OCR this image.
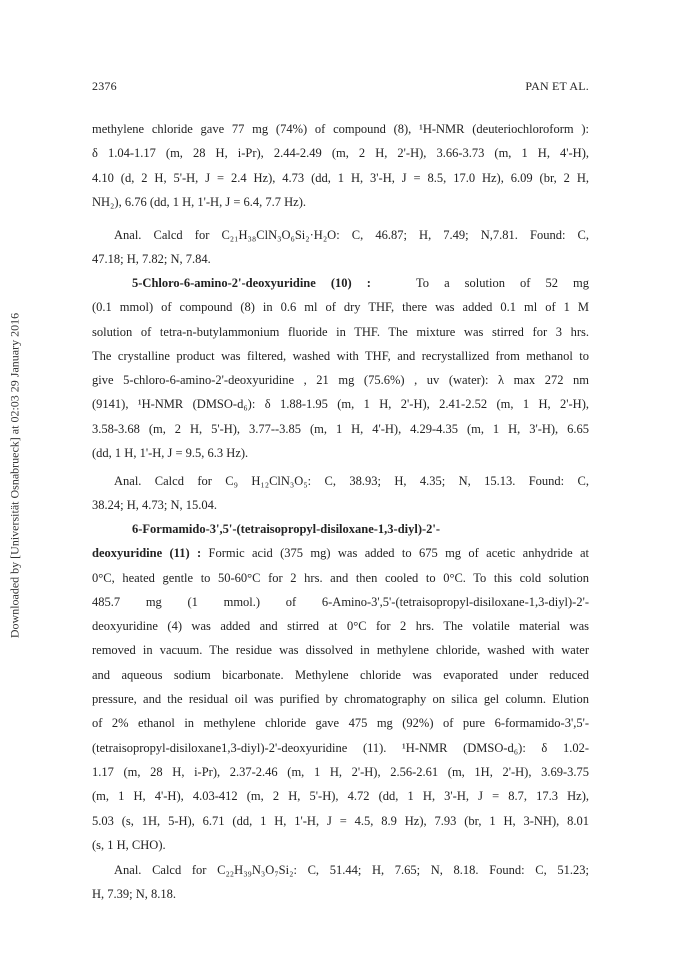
2376	PAN ET AL.
Downloaded by [Universität Osnabrueck] at 02:03 29 January 2016
methylene chloride gave 77 mg (74%) of compound (8), ¹H-NMR (deuteriochloroform ):
δ 1.04-1.17 (m, 28 H, i-Pr), 2.44-2.49 (m, 2 H, 2'-H), 3.66-3.73 (m, 1 H, 4'-H),
4.10 (d, 2 H, 5'-H, J = 2.4 Hz), 4.73 (dd, 1 H, 3'-H, J = 8.5, 17.0 Hz), 6.09 (br, 2 H,
NH₂), 6.76 (dd, 1 H, 1'-H, J = 6.4, 7.7 Hz).
Anal. Calcd for C₂₁H₃₈ClN₃O₆Si₂·H₂O: C, 46.87; H, 7.49; N,7.81. Found: C,
47.18; H, 7.82; N, 7.84.
5-Chloro-6-amino-2'-deoxyuridine (10) :	To a solution of 52 mg
(0.1 mmol) of compound (8) in 0.6 ml of dry THF, there was added 0.1 ml of 1 M
solution of tetra-n-butylammonium fluoride in THF. The mixture was stirred for 3 hrs.
The crystalline product was filtered, washed with THF, and recrystallized from methanol to
give 5-chloro-6-amino-2'-deoxyuridine , 21 mg (75.6%) , uv (water): λ max 272 nm
(9141), ¹H-NMR (DMSO-d₆): δ 1.88-1.95 (m, 1 H, 2'-H), 2.41-2.52 (m, 1 H, 2'-H),
3.58-3.68 (m, 2 H, 5'-H), 3.77--3.85 (m, 1 H, 4'-H), 4.29-4.35 (m, 1 H, 3'-H), 6.65
(dd, 1 H, 1'-H, J = 9.5, 6.3 Hz).
Anal. Calcd for C₉ H₁₂ClN₃O₅: C, 38.93; H, 4.35; N, 15.13. Found: C,
38.24; H, 4.73; N, 15.04.
6-Formamido-3',5'-(tetraisopropyl-disiloxane-1,3-diyl)-2'-
deoxyuridine (11) : Formic acid (375 mg) was added to 675 mg of acetic anhydride at
0°C, heated gentle to 50-60°C for 2 hrs. and then cooled to 0°C. To this cold solution
485.7 mg (1 mmol.) of 6-Amino-3',5'-(tetraisopropyl-disiloxane-1,3-diyl)-2'-
deoxyuridine (4) was added and stirred at 0°C for 2 hrs. The volatile material was
removed in vacuum. The residue was dissolved in methylene chloride, washed with water
and aqueous sodium bicarbonate. Methylene chloride was evaporated under reduced
pressure, and the residual oil was purified by chromatography on silica gel column. Elution
of 2% ethanol in methylene chloride gave 475 mg (92%) of pure 6-formamido-3',5'-
(tetraisopropyl-disiloxane1,3-diyl)-2'-deoxyuridine (11). ¹H-NMR (DMSO-d₆): δ 1.02-
1.17 (m, 28 H, i-Pr), 2.37-2.46 (m, 1 H, 2'-H), 2.56-2.61 (m, 1H, 2'-H), 3.69-3.75
(m, 1 H, 4'-H), 4.03-412 (m, 2 H, 5'-H), 4.72 (dd, 1 H, 3'-H, J = 8.7, 17.3 Hz),
5.03 (s, 1H, 5-H), 6.71 (dd, 1 H, 1'-H, J = 4.5, 8.9 Hz), 7.93 (br, 1 H, 3-NH), 8.01
(s, 1 H, CHO).
Anal. Calcd for C₂₂H₃₉N₃O₇Si₂: C, 51.44; H, 7.65; N, 8.18. Found: C, 51.23;
H, 7.39; N, 8.18.
